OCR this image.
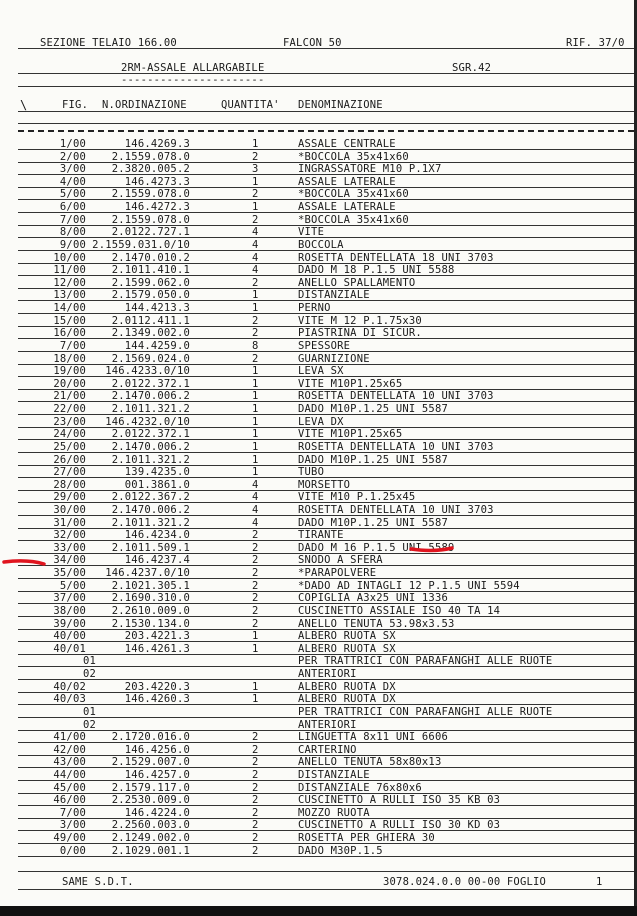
SEZIONE TELAIO 166.00	FALCON 50	RIF. 37/0
2RM-ASSALE ALLARGABILE
----------------------
SGR.42
\	FIG. N.ORDINAZIONE	QUANTITA' DENOMINAZIONE
1/00	146.4269.3	1	ASSALE CENTRALE
2/00 2.1559.078.0	2	*BOCCOLA 35x41x60
3/00 2.3820.005.2	3	INGRASSATORE M10 P.1X7
4/00	146.4273.3	1	ASSALE LATERALE
5/00 2.1559.078.0	2	*BOCCOLA 35x41x60
6/00	146.4272.3	1	ASSALE LATERALE
7/00 2.1559.078.0	2	*BOCCOLA 35x41x60
8/00 2.0122.727.1	4	VITE
9/00 2.1559.031.0/10	4	BOCCOLA
10/00 2.1470.010.2	4	ROSETTA DENTELLATA 18 UNI 3703
11/00 2.1011.410.1	4	DADO M 18 P.1.5 UNI 5588
12/00 2.1599.062.0	2	ANELLO SPALLAMENTO
13/00 2.1579.050.0	1	DISTANZIALE
14/00	144.4213.3	1	PERNO
15/00 2.0112.411.1	2	VITE M 12 P.1.75x30
16/00 2.1349.002.0	2	PIASTRINA DI SICUR.
7/00	144.4259.0	8	SPESSORE
18/00 2.1569.024.0	2	GUARNIZIONE
19/00 146.4233.0/10	1	LEVA SX
20/00 2.0122.372.1	1	VITE M10P1.25x65
21/00 2.1470.006.2	1	ROSETTA DENTELLATA 10 UNI 3703
22/00 2.1011.321.2	1	DADO M10P.1.25 UNI 5587
23/00 146.4232.0/10	1	LEVA DX
24/00 2.0122.372.1	1	VITE M10P1.25x65
25/00 2.1470.006.2	1	ROSETTA DENTELLATA 10 UNI 3703
26/00 2.1011.321.2	1	DADO M10P.1.25 UNI 5587
27/00	139.4235.0	1	TUBO
28/00	001.3861.0	4	MORSETTO
29/00 2.0122.367.2	4	VITE M10 P.1.25x45
30/00 2.1470.006.2	4	ROSETTA DENTELLATA 10 UNI 3703
31/00 2.1011.321.2	4	DADO M10P.1.25 UNI 5587
32/00	146.4234.0	2	TIRANTE
33/00 2.1011.509.1	2	DADO M 16 P.1.5 UNI 5589
34/00	146.4237.4	2	SNODO A SFERA
35/00 146.4237.0/10	2	*PARAPOLVERE
5/00 2.1021.305.1	2	*DADO AD INTAGLI 12 P.1.5 UNI 5594
37/00 2.1690.310.0	2	COPIGLIA A3x25 UNI 1336
38/00 2.2610.009.0	2	CUSCINETTO ASSIALE ISO 40 TA 14
39/00 2.1530.134.0	2	ANELLO TENUTA 53.98x3.53
40/00	203.4221.3	1	ALBERO RUOTA SX
40/01	146.4261.3	1	ALBERO RUOTA SX
01	PER TRATTRICI CON PARAFANGHI ALLE RUOTE
02	ANTERIORI
40/02	203.4220.3	1	ALBERO RUOTA DX
40/03	146.4260.3	1	ALBERO RUOTA DX
01	PER TRATTRICI CON PARAFANGHI ALLE RUOTE
02	ANTERIORI
41/00 2.1720.016.0	2	LINGUETTA 8x11 UNI 6606
42/00	146.4256.0	2	CARTERINO
43/00 2.1529.007.0	2	ANELLO TENUTA 58x80x13
44/00	146.4257.0	2	DISTANZIALE
45/00 2.1579.117.0	2	DISTANZIALE 76x80x6
46/00 2.2530.009.0	2	CUSCINETTO A RULLI ISO 35 KB 03
7/00	146.4224.0	2	MOZZO RUOTA
3/00 2.2560.003.0	2	CUSCINETTO A RULLI ISO 30 KD 03
49/00 2.1249.002.0	2	ROSETTA PER GHIERA 30
0/00 2.1029.001.1	2	DADO M30P.1.5
SAME S.D.T.	3078.024.0.0 00-00 FOGLIO	1
